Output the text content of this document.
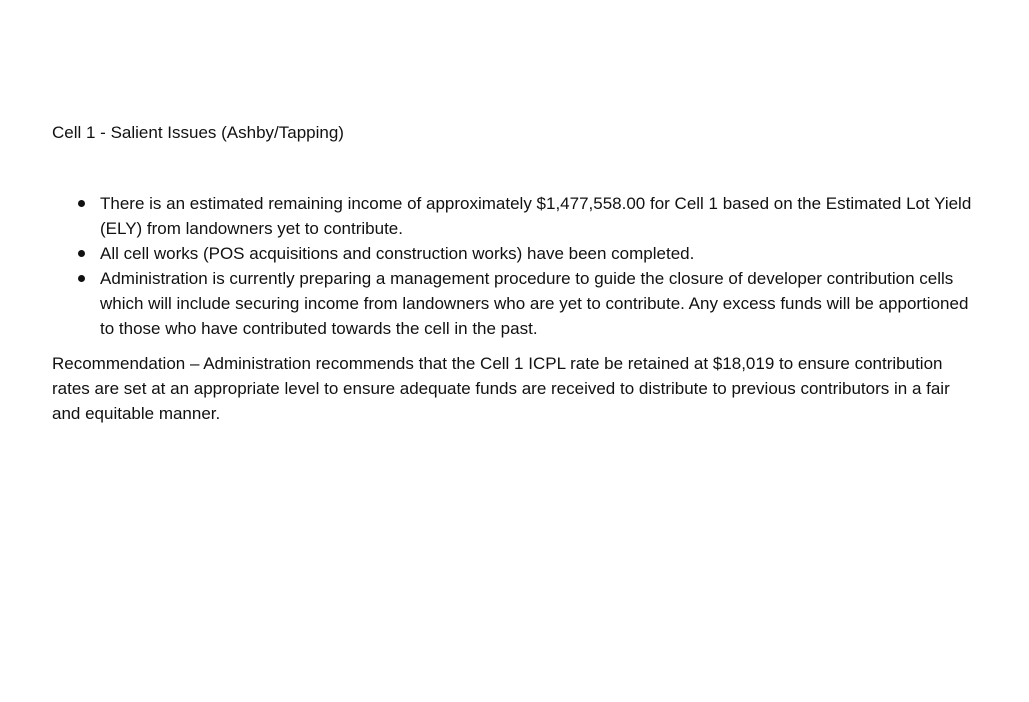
Cell 1 - Salient Issues (Ashby/Tapping)

There is an estimated remaining income of approximately $1,477,558.00 for Cell 1 based on the Estimated Lot Yield (ELY) from landowners yet to contribute.
All cell works (POS acquisitions and construction works) have been completed.
Administration is currently preparing a management procedure to guide the closure of developer contribution cells which will include securing income from landowners who are yet to contribute. Any excess funds will be apportioned to those who have contributed towards the cell in the past.

Recommendation – Administration recommends that the Cell 1 ICPL rate be retained at $18,019 to ensure contribution rates are set at an appropriate level to ensure adequate funds are received to distribute to previous contributors in a fair and equitable manner.
